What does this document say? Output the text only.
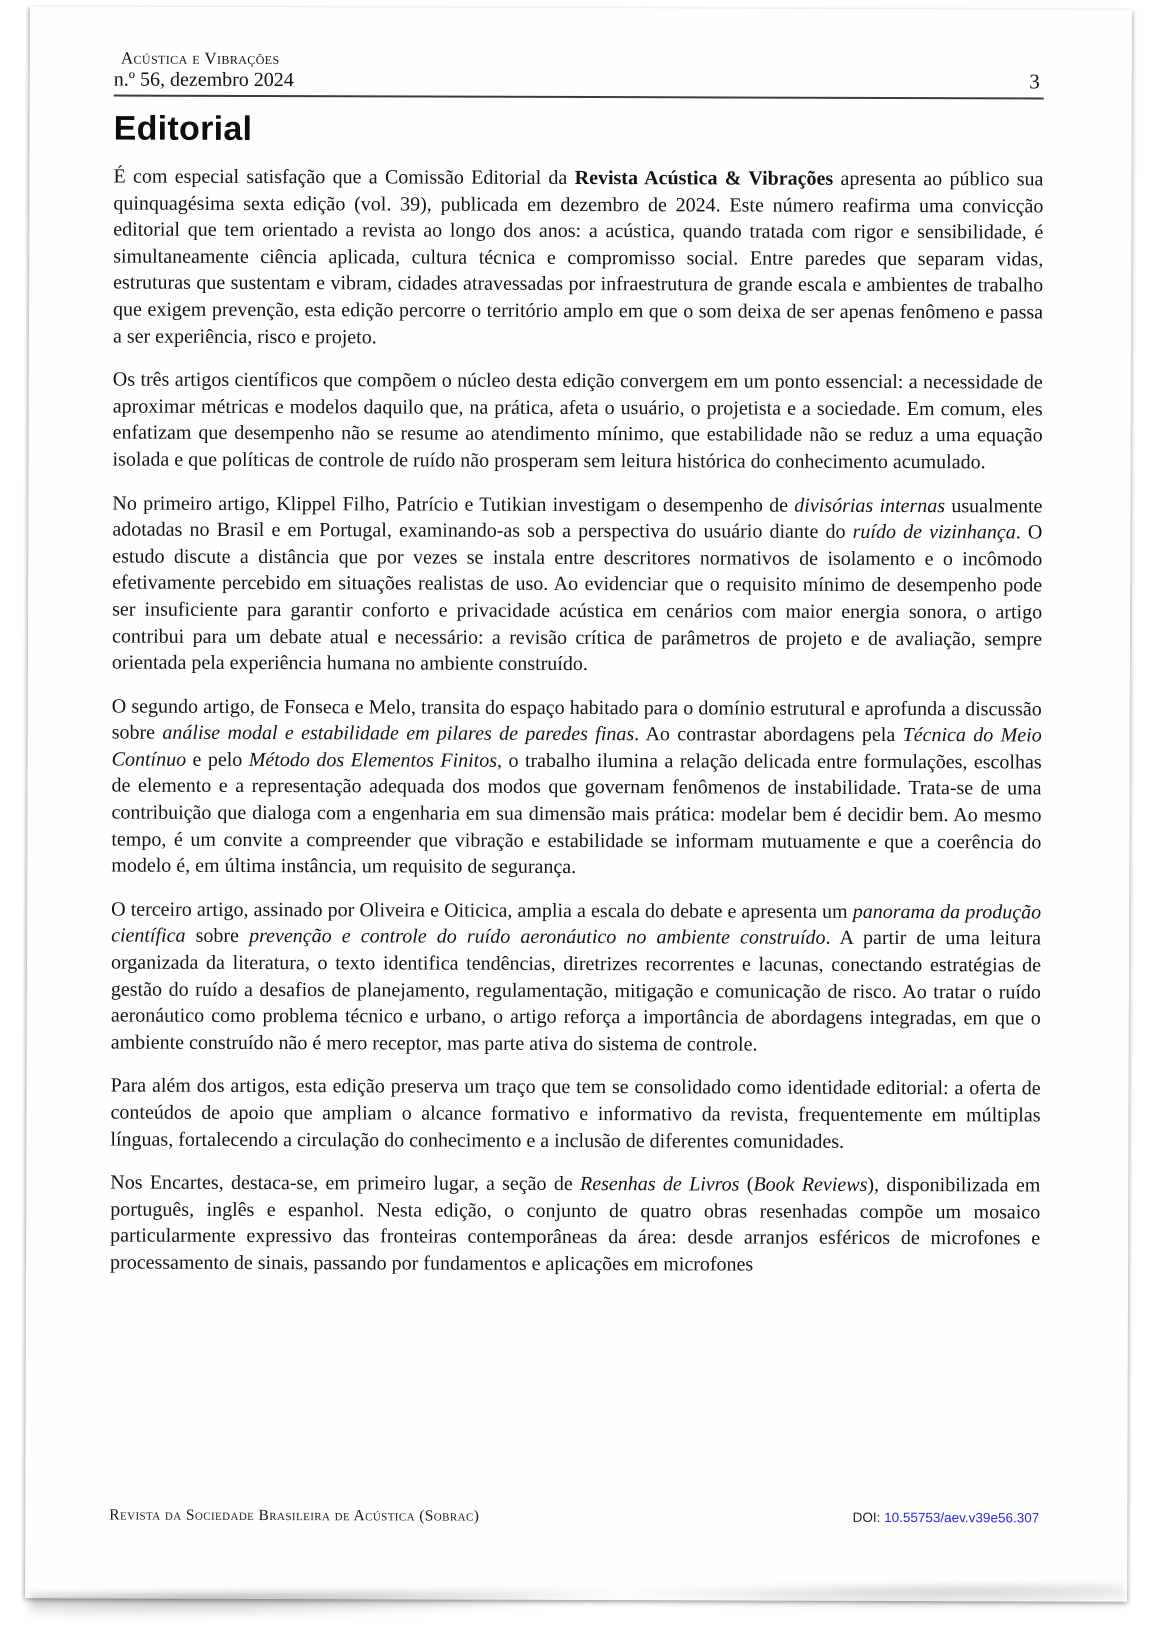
Acústica e Vibrações
n.º 56, dezembro 2024	3
Editorial

É com especial satisfação que a Comissão Editorial da Revista Acústica & Vibrações apresenta ao público sua quinquagésima sexta edição (vol. 39), publicada em dezembro de 2024. Este número reafirma uma convicção editorial que tem orientado a revista ao longo dos anos: a acústica, quando tratada com rigor e sensibilidade, é simultaneamente ciência aplicada, cultura técnica e compromisso social. Entre paredes que separam vidas, estruturas que sustentam e vibram, cidades atravessadas por infraestrutura de grande escala e ambientes de trabalho que exigem prevenção, esta edição percorre o território amplo em que o som deixa de ser apenas fenômeno e passa a ser experiência, risco e projeto.

Os três artigos científicos que compõem o núcleo desta edição convergem em um ponto essencial: a necessidade de aproximar métricas e modelos daquilo que, na prática, afeta o usuário, o projetista e a sociedade. Em comum, eles enfatizam que desempenho não se resume ao atendimento mínimo, que estabilidade não se reduz a uma equação isolada e que políticas de controle de ruído não prosperam sem leitura histórica do conhecimento acumulado.

No primeiro artigo, Klippel Filho, Patrício e Tutikian investigam o desempenho de divisórias internas usualmente adotadas no Brasil e em Portugal, examinando-as sob a perspectiva do usuário diante do ruído de vizinhança. O estudo discute a distância que por vezes se instala entre descritores normativos de isolamento e o incômodo efetivamente percebido em situações realistas de uso. Ao evidenciar que o requisito mínimo de desempenho pode ser insuficiente para garantir conforto e privacidade acústica em cenários com maior energia sonora, o artigo contribui para um debate atual e necessário: a revisão crítica de parâmetros de projeto e de avaliação, sempre orientada pela experiência humana no ambiente construído.

O segundo artigo, de Fonseca e Melo, transita do espaço habitado para o domínio estrutural e aprofunda a discussão sobre análise modal e estabilidade em pilares de paredes finas. Ao contrastar abordagens pela Técnica do Meio Contínuo e pelo Método dos Elementos Finitos, o trabalho ilumina a relação delicada entre formulações, escolhas de elemento e a representação adequada dos modos que governam fenômenos de instabilidade. Trata-se de uma contribuição que dialoga com a engenharia em sua dimensão mais prática: modelar bem é decidir bem. Ao mesmo tempo, é um convite a compreender que vibração e estabilidade se informam mutuamente e que a coerência do modelo é, em última instância, um requisito de segurança.

O terceiro artigo, assinado por Oliveira e Oiticica, amplia a escala do debate e apresenta um panorama da produção científica sobre prevenção e controle do ruído aeronáutico no ambiente construído. A partir de uma leitura organizada da literatura, o texto identifica tendências, diretrizes recorrentes e lacunas, conectando estratégias de gestão do ruído a desafios de planejamento, regulamentação, mitigação e comunicação de risco. Ao tratar o ruído aeronáutico como problema técnico e urbano, o artigo reforça a importância de abordagens integradas, em que o ambiente construído não é mero receptor, mas parte ativa do sistema de controle.

Para além dos artigos, esta edição preserva um traço que tem se consolidado como identidade editorial: a oferta de conteúdos de apoio que ampliam o alcance formativo e informativo da revista, frequentemente em múltiplas línguas, fortalecendo a circulação do conhecimento e a inclusão de diferentes comunidades.

Nos Encartes, destaca-se, em primeiro lugar, a seção de Resenhas de Livros (Book Reviews), disponibilizada em português, inglês e espanhol. Nesta edição, o conjunto de quatro obras resenhadas compõe um mosaico particularmente expressivo das fronteiras contemporâneas da área: desde arranjos esféricos de microfones e processamento de sinais, passando por fundamentos e aplicações em microfones

Revista da Sociedade Brasileira de Acústica (Sobrac)	DOI: 10.55753/aev.v39e56.307
